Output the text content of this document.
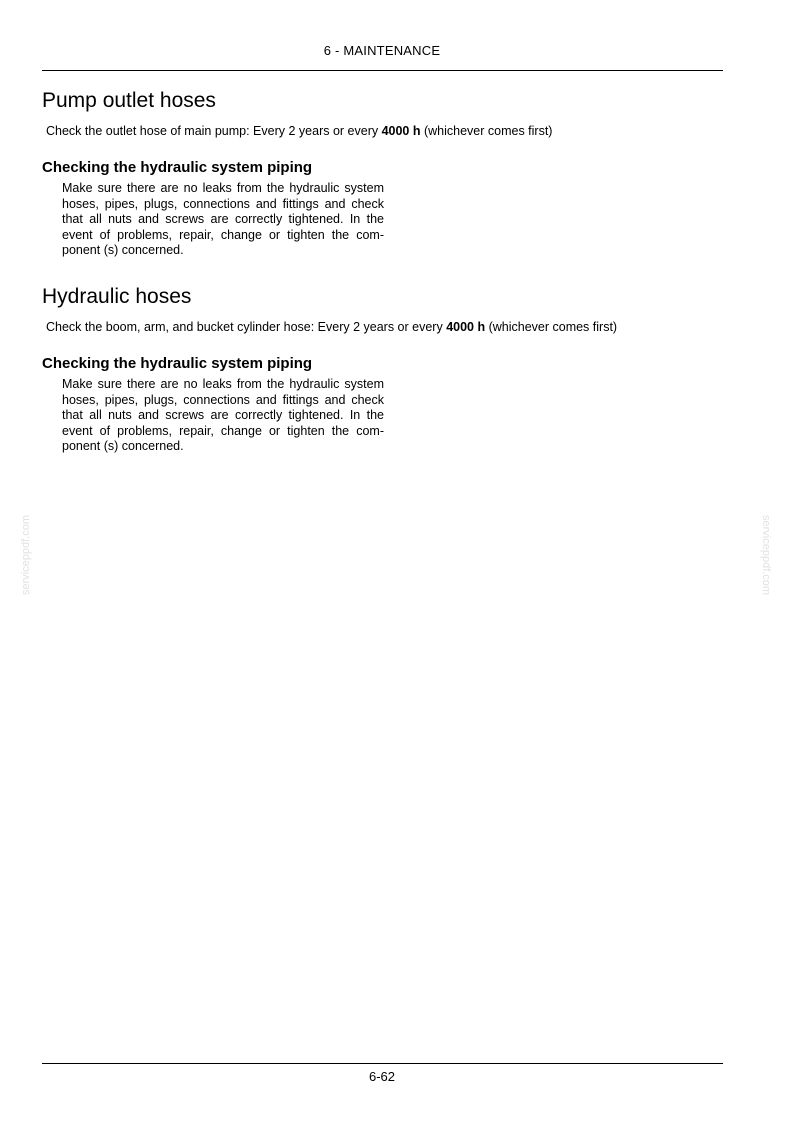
6 - MAINTENANCE
Pump outlet hoses

Check the outlet hose of main pump: Every 2 years or every 4000 h (whichever comes first)

Checking the hydraulic system piping

Make sure there are no leaks from the hydraulic system hoses, pipes, plugs, connections and fittings and check that all nuts and screws are correctly tightened. In the event of problems, repair, change or tighten the com-ponent (s) concerned.

Hydraulic hoses

Check the boom, arm, and bucket cylinder hose: Every 2 years or every 4000 h (whichever comes first)

Checking the hydraulic system piping

Make sure there are no leaks from the hydraulic system hoses, pipes, plugs, connections and fittings and check that all nuts and screws are correctly tightened. In the event of problems, repair, change or tighten the com-ponent (s) concerned.

serviceppdf.com	serviceppdf.com
6-62
